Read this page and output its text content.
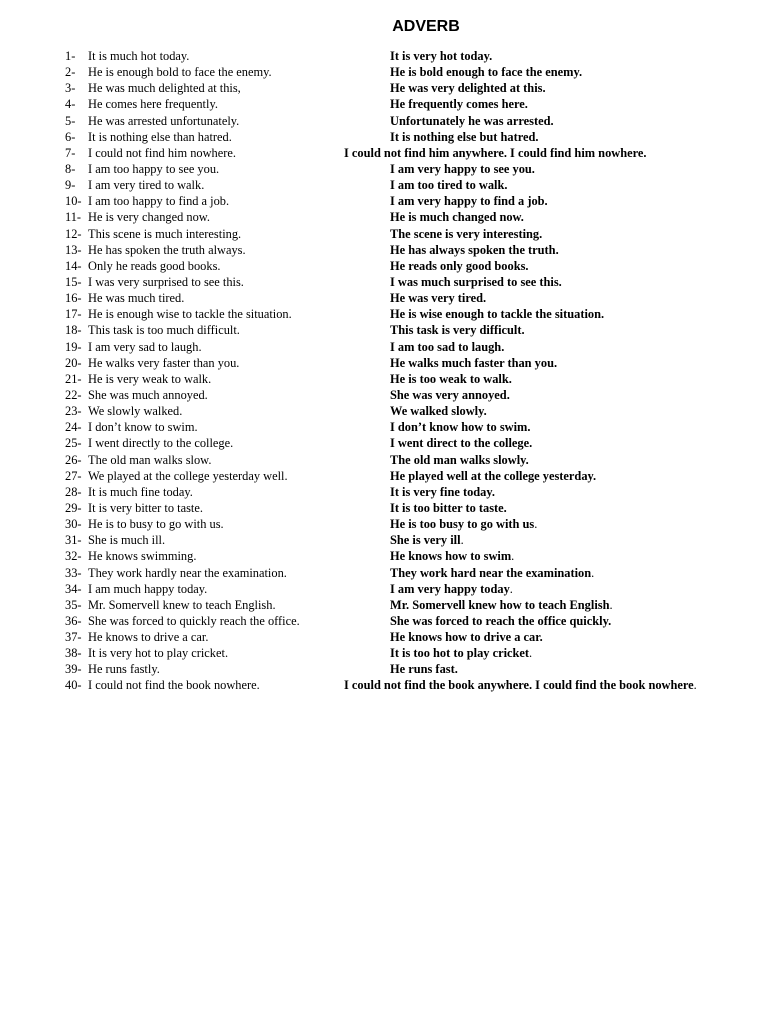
ADVERB
1- It is much hot today.	It is very hot today.
2- He is enough bold to face the enemy.	He is bold enough to face the enemy.
3- He was much delighted at this,	He was very delighted at this.
4- He comes here frequently.	He frequently comes here.
5- He was arrested unfortunately.	Unfortunately he was arrested.
6- It is nothing else than hatred.	It is nothing else but hatred.
7- I could not find him nowhere.	I could not find him anywhere. I could find him nowhere.
8- I am too happy to see you.	I am very happy to see you.
9- I am very tired to walk.	I am too tired to walk.
10- I am too happy to find a job.	I am very happy to find a job.
11- He is very changed now.	He is much changed now.
12- This scene is much interesting.	The scene is very interesting.
13- He has spoken the truth always.	He has always spoken the truth.
14- Only he reads good books.	He reads only good books.
15- I was very surprised to see this.	I was much surprised to see this.
16- He was much tired.	He was very tired.
17- He is enough wise to tackle the situation.	He is wise enough to tackle the situation.
18- This task is too much difficult.	This task is very difficult.
19- I am very sad to laugh.	I am too sad to laugh.
20- He walks very faster than you.	He walks much faster than you.
21- He is very weak to walk.	He is too weak to walk.
22- She was much annoyed.	She was very annoyed.
23- We slowly walked.	We walked slowly.
24- I don’t know to swim.	I don’t know how to swim.
25- I went directly to the college.	I went direct to the college.
26- The old man walks slow.	The old man walks slowly.
27- We played at the college yesterday well.	He played well at the college yesterday.
28- It is much fine today.	It is very fine today.
29- It is very bitter to taste.	It is too bitter to taste.
30- He is to busy to go with us.	He is too busy to go with us.
31- She is much ill.	She is very ill.
32- He knows swimming.	He knows how to swim.
33- They work hardly near the examination.	They work hard near the examination.
34- I am much happy today.	I am very happy today.
35- Mr. Somervell knew to teach English.	Mr. Somervell knew how to teach English.
36- She was forced to quickly reach the office.	She was forced to reach the office quickly.
37- He knows to drive a car.	He knows how to drive a car.
38- It is very hot to play cricket.	It is too hot to play cricket.
39- He runs fastly.	He runs fast.
40- I could not find the book nowhere.	I could not find the book anywhere. I could find the book nowhere.
